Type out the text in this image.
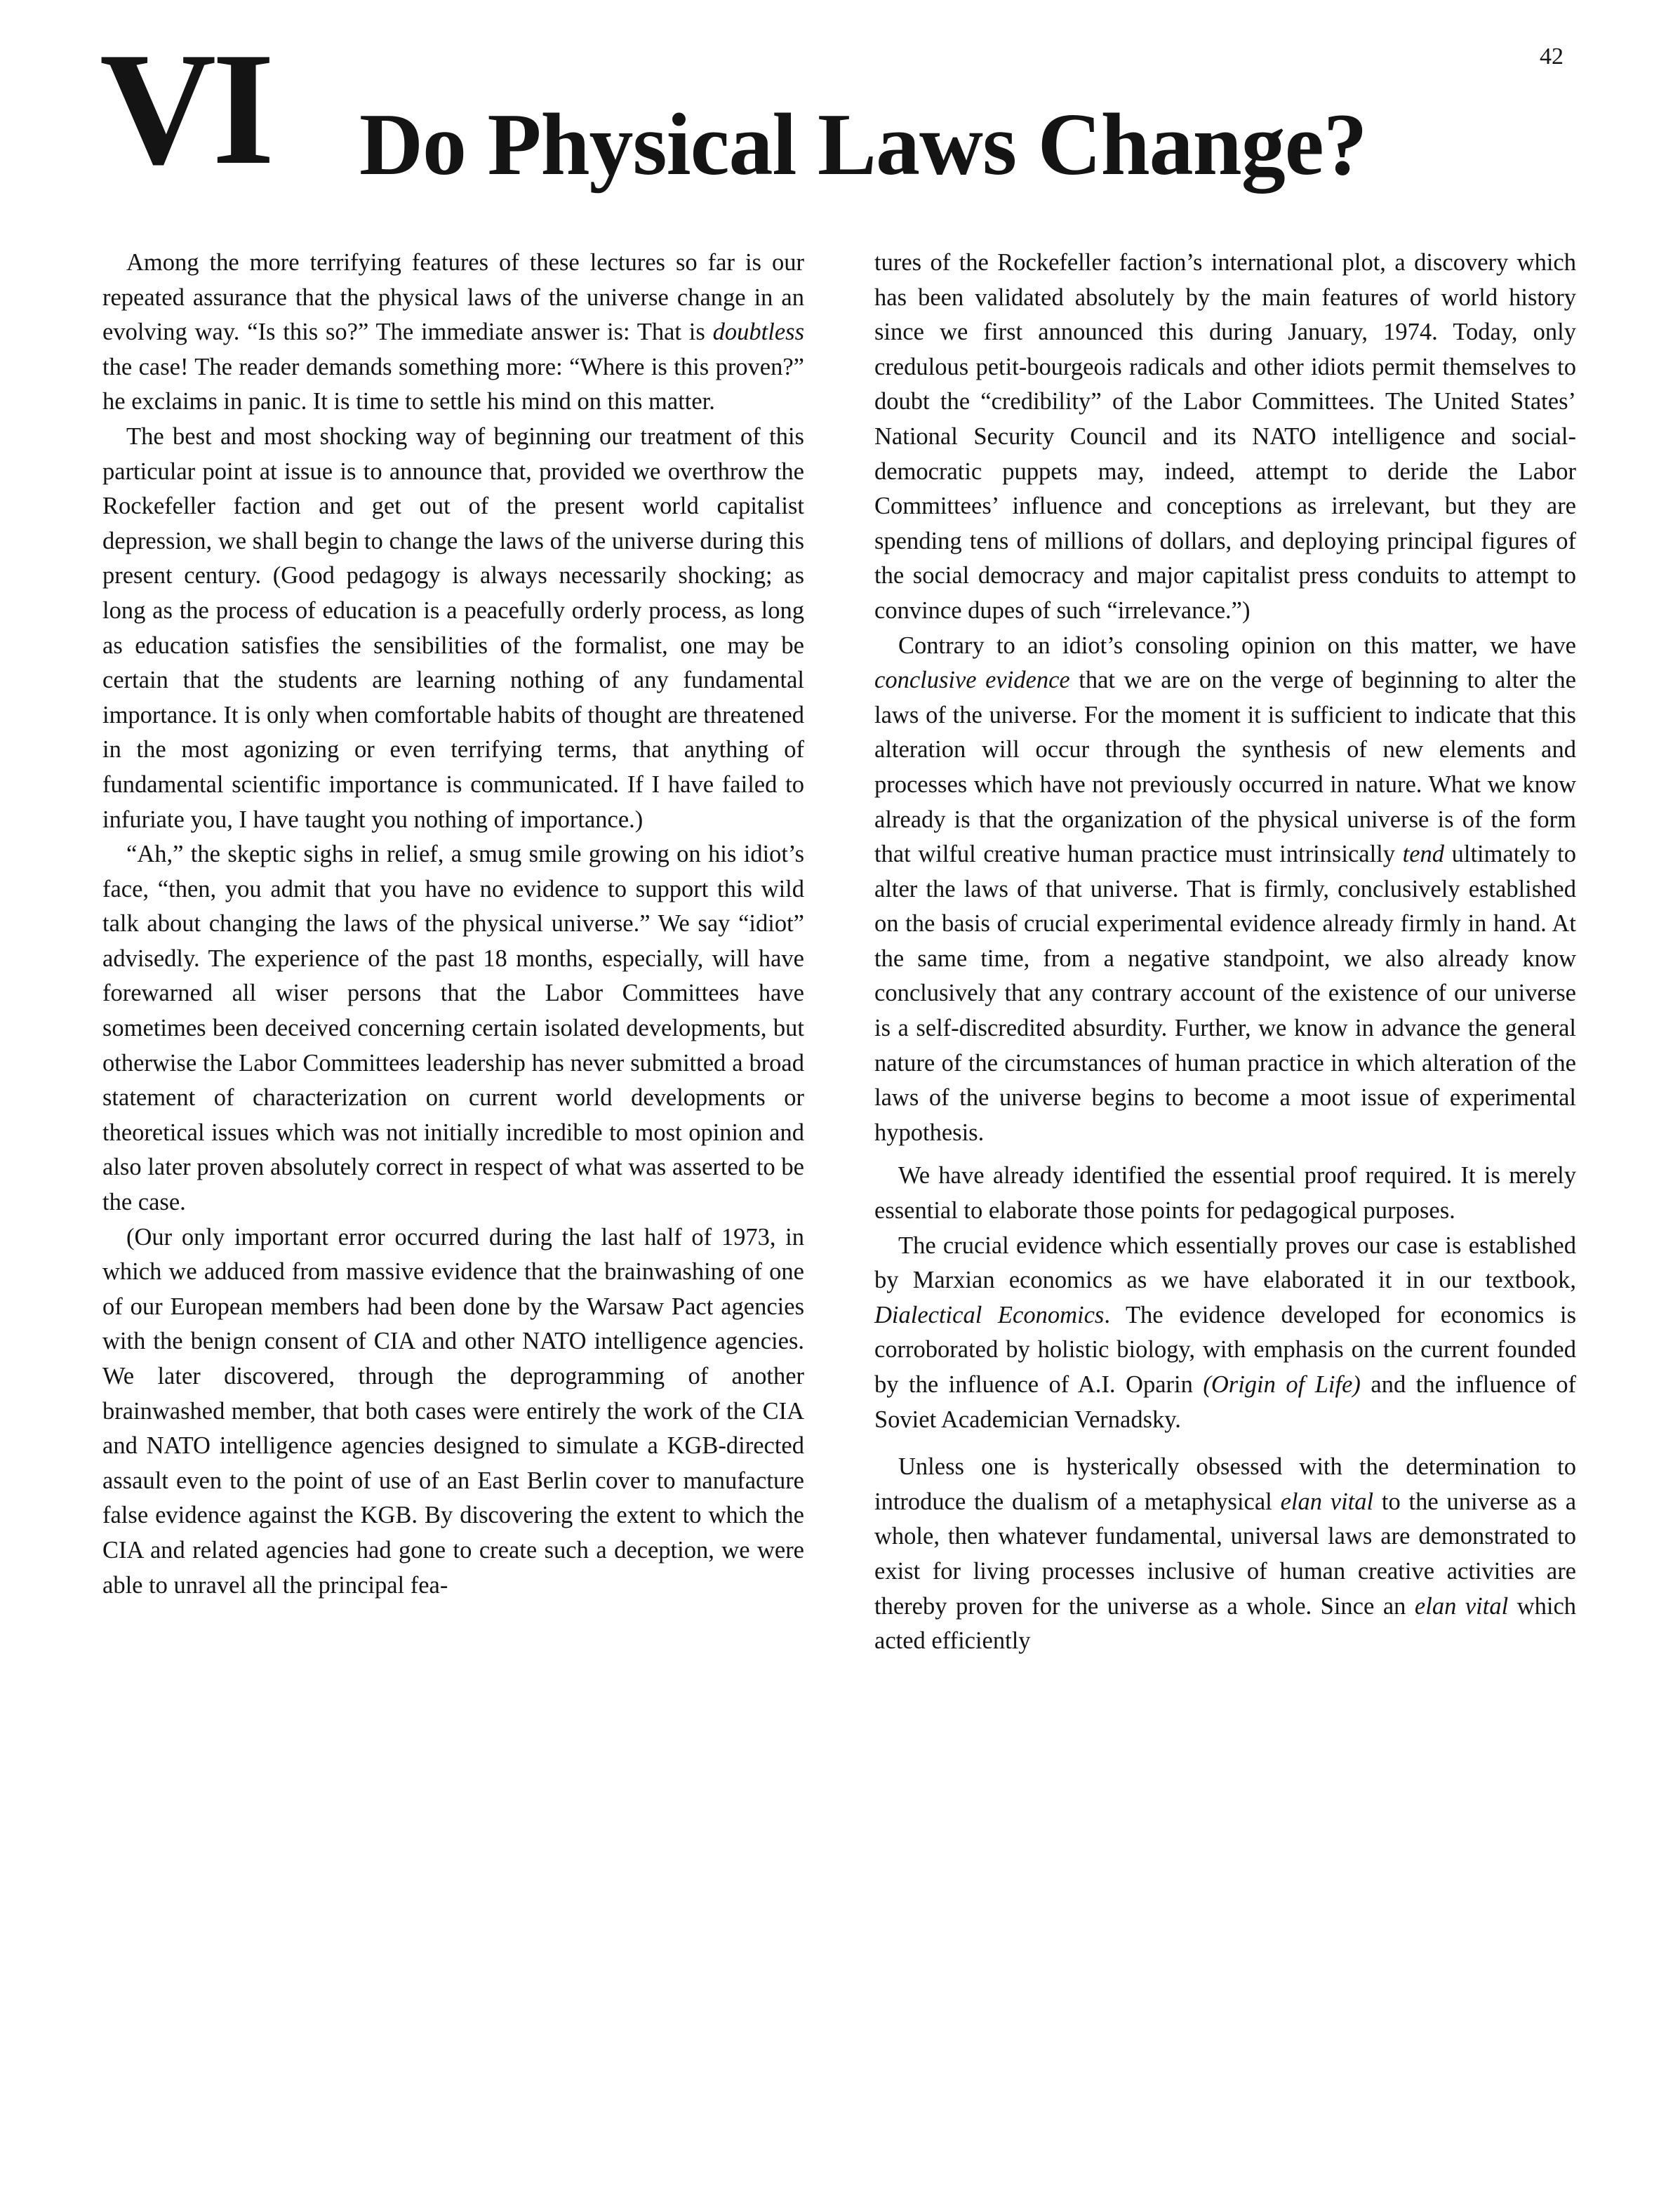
42
VI Do Physical Laws Change?

Among the more terrifying features of these lectures so far is our repeated assurance that the physical laws of the universe change in an evolving way. “Is this so?” The immediate answer is: That is doubtless the case! The reader demands something more: “Where is this proven?” he exclaims in panic. It is time to settle his mind on this matter.

The best and most shocking way of beginning our treatment of this particular point at issue is to announce that, provided we overthrow the Rockefeller faction and get out of the present world capitalist depression, we shall begin to change the laws of the universe during this present century. (Good pedagogy is always necessarily shocking; as long as the process of education is a peacefully orderly process, as long as education satisfies the sensibilities of the formalist, one may be certain that the students are learning nothing of any fundamental importance. It is only when comfortable habits of thought are threatened in the most agonizing or even terrifying terms, that anything of fundamental scientific importance is communicated. If I have failed to infuriate you, I have taught you nothing of importance.)

“Ah,” the skeptic sighs in relief, a smug smile growing on his idiot’s face, “then, you admit that you have no evidence to support this wild talk about changing the laws of the physical universe.” We say “idiot” advisedly. The experience of the past 18 months, especially, will have forewarned all wiser persons that the Labor Committees have sometimes been deceived concerning certain isolated developments, but otherwise the Labor Committees leadership has never submitted a broad statement of characterization on current world developments or theoretical issues which was not initially incredible to most opinion and also later proven absolutely correct in respect of what was asserted to be the case.

(Our only important error occurred during the last half of 1973, in which we adduced from massive evidence that the brainwashing of one of our European members had been done by the Warsaw Pact agencies with the benign consent of CIA and other NATO intelligence agencies. We later discovered, through the deprogramming of another brainwashed member, that both cases were entirely the work of the CIA and NATO intelligence agencies designed to simulate a KGB-directed assault even to the point of use of an East Berlin cover to manufacture false evidence against the KGB. By discovering the extent to which the CIA and related agencies had gone to create such a deception, we were able to unravel all the principal fea-

tures of the Rockefeller faction’s international plot, a discovery which has been validated absolutely by the main features of world history since we first announced this during January, 1974. Today, only credulous petit-bourgeois radicals and other idiots permit themselves to doubt the “credibility” of the Labor Committees. The United States’ National Security Council and its NATO intelligence and social-democratic puppets may, indeed, attempt to deride the Labor Committees’ influence and conceptions as irrelevant, but they are spending tens of millions of dollars, and deploying principal figures of the social democracy and major capitalist press conduits to attempt to convince dupes of such “irrelevance.”)

Contrary to an idiot’s consoling opinion on this matter, we have conclusive evidence that we are on the verge of beginning to alter the laws of the universe. For the moment it is sufficient to indicate that this alteration will occur through the synthesis of new elements and processes which have not previously occurred in nature. What we know already is that the organization of the physical universe is of the form that wilful creative human practice must intrinsically tend ultimately to alter the laws of that universe. That is firmly, conclusively established on the basis of crucial experimental evidence already firmly in hand. At the same time, from a negative standpoint, we also already know conclusively that any contrary account of the existence of our universe is a self-discredited absurdity. Further, we know in advance the general nature of the circumstances of human practice in which alteration of the laws of the universe begins to become a moot issue of experimental hypothesis.

We have already identified the essential proof required. It is merely essential to elaborate those points for pedagogical purposes.

The crucial evidence which essentially proves our case is established by Marxian economics as we have elaborated it in our textbook, Dialectical Economics. The evidence developed for economics is corroborated by holistic biology, with emphasis on the current founded by the influence of A.I. Oparin (Origin of Life) and the influence of Soviet Academician Vernadsky.

Unless one is hysterically obsessed with the determination to introduce the dualism of a metaphysical elan vital to the universe as a whole, then whatever fundamental, universal laws are demonstrated to exist for living processes inclusive of human creative activities are thereby proven for the universe as a whole. Since an elan vital which acted efficiently
